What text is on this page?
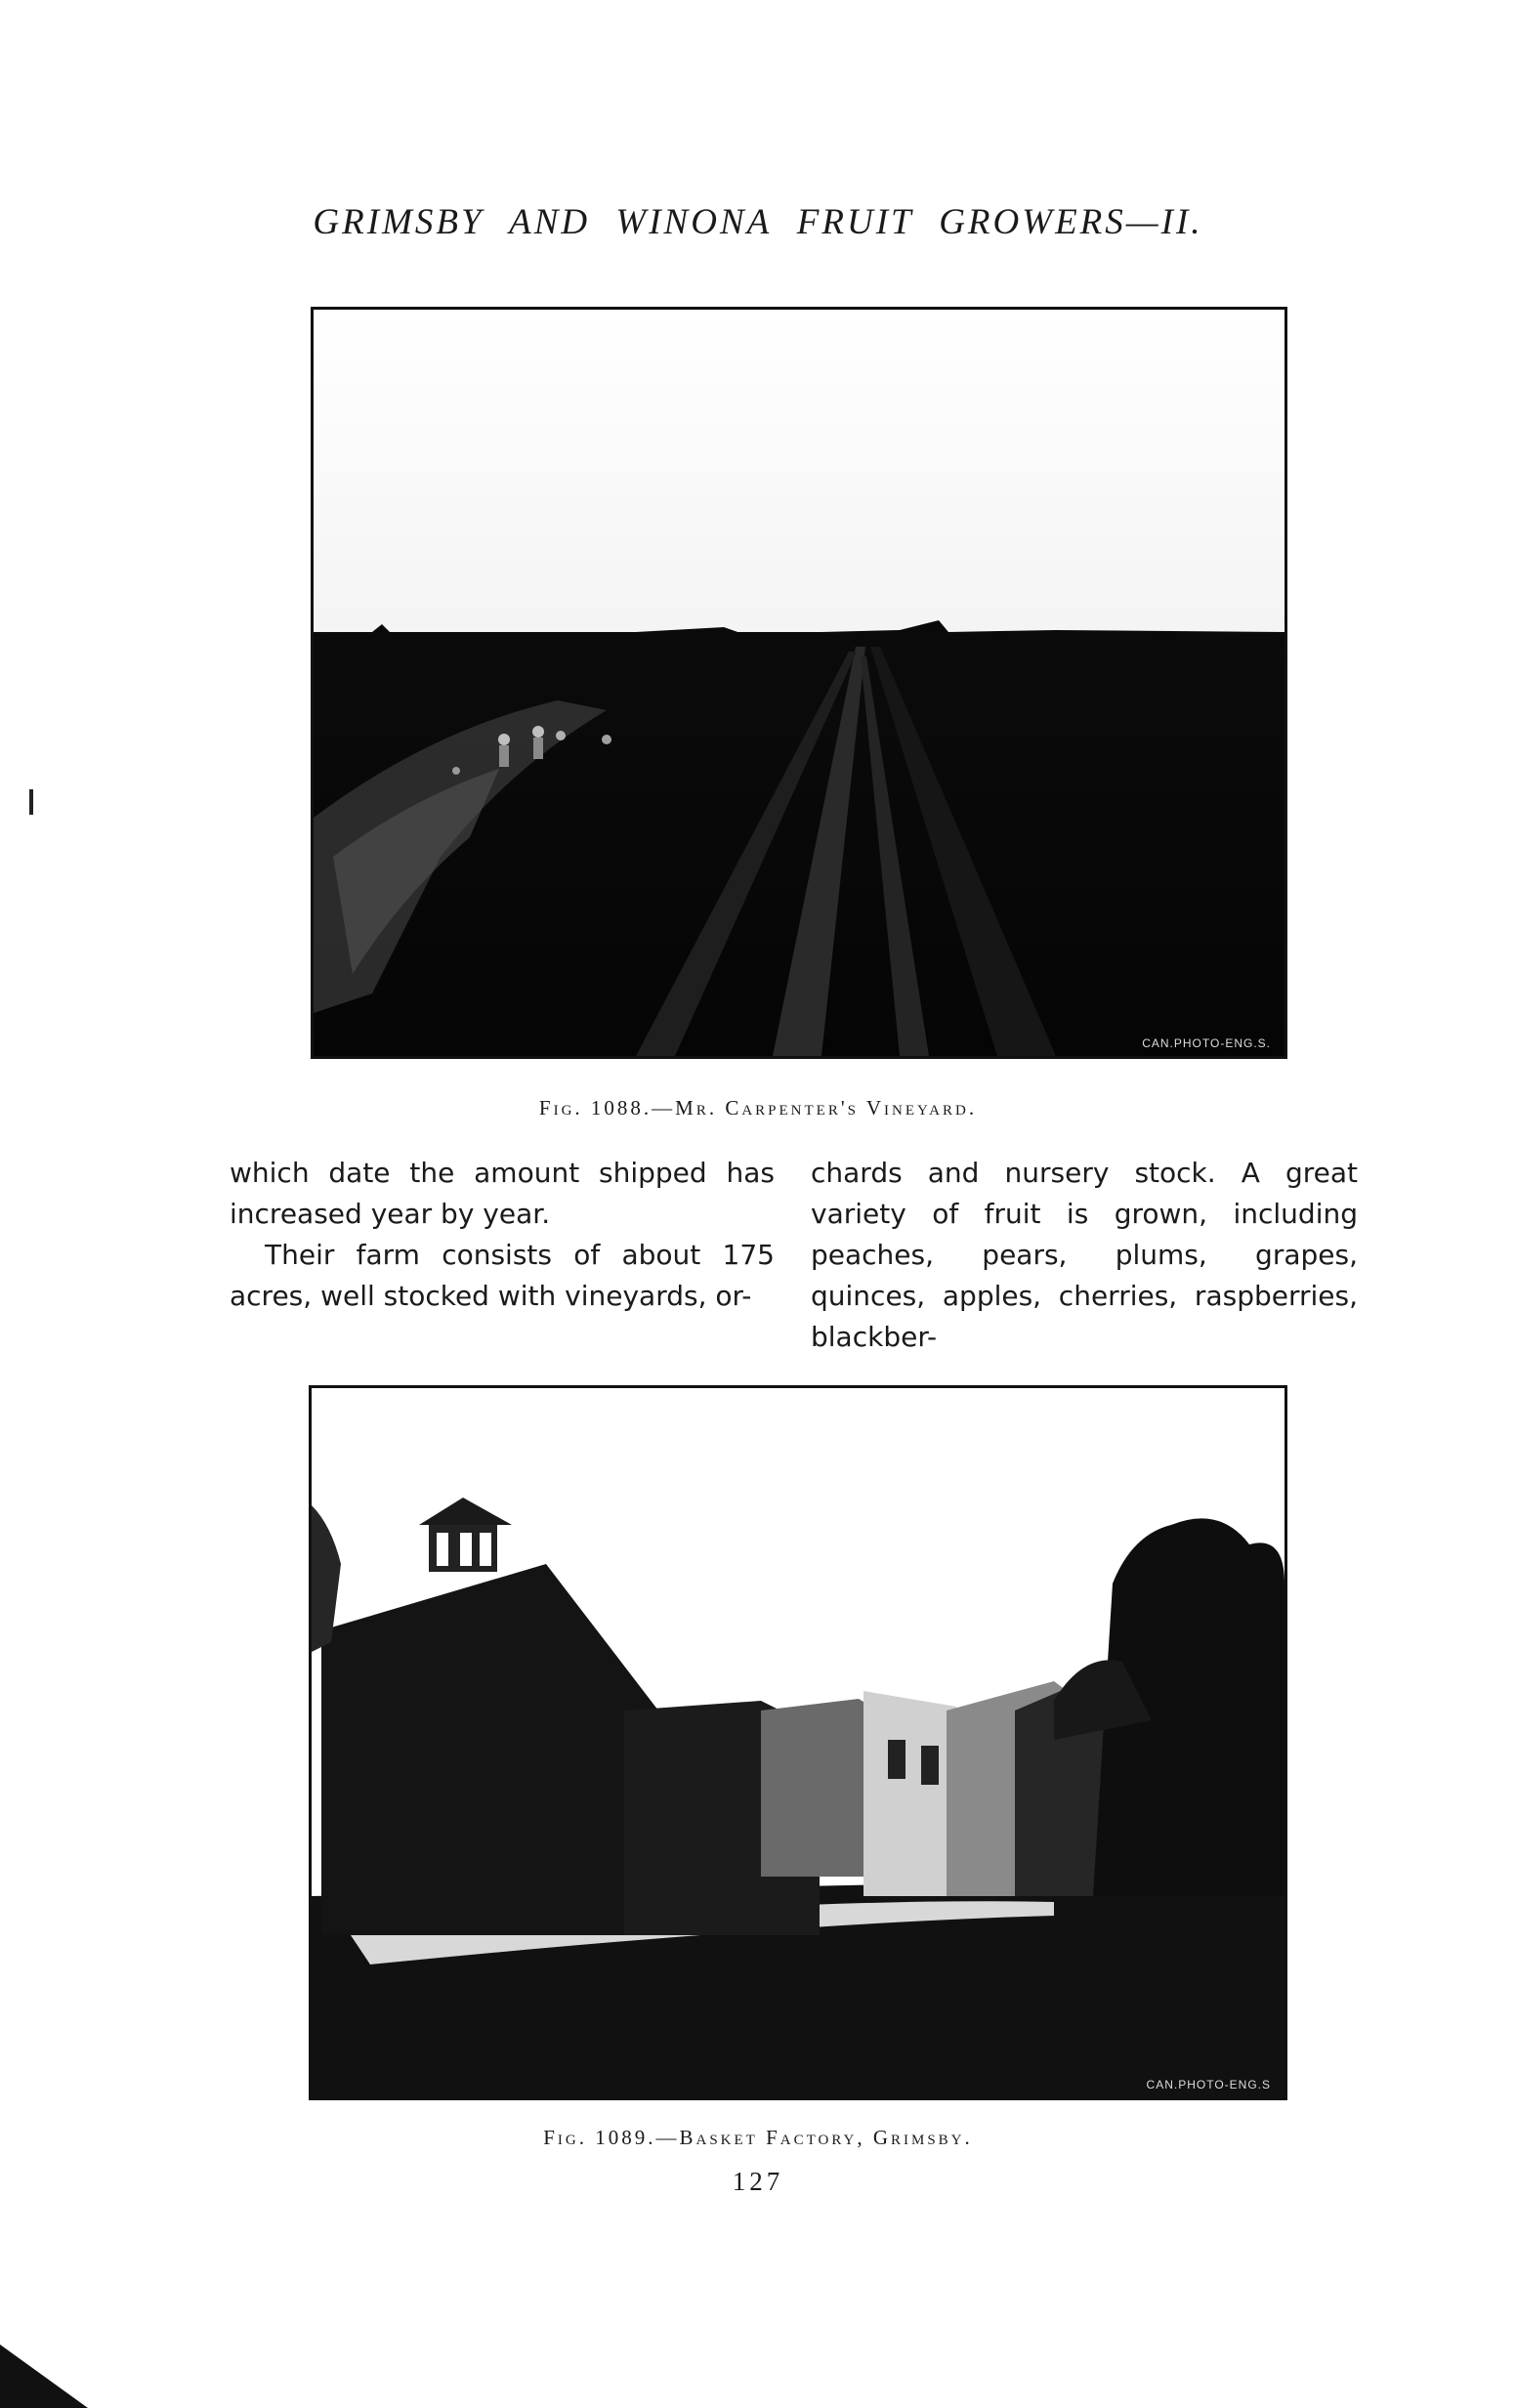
GRIMSBY AND WINONA FRUIT GROWERS—II.
CAN.PHOTO-ENG.S.
Fig. 1088.—Mr. Carpenter's Vineyard.

which date the amount shipped has increased year by year.

Their farm consists of about 175 acres, well stocked with vineyards, or-

chards and nursery stock. A great variety of fruit is grown, including peaches, pears, plums, grapes, quinces, apples, cherries, raspberries, blackber-

CAN.PHOTO-ENG.S
Fig. 1089.—Basket Factory, Grimsby.
127
